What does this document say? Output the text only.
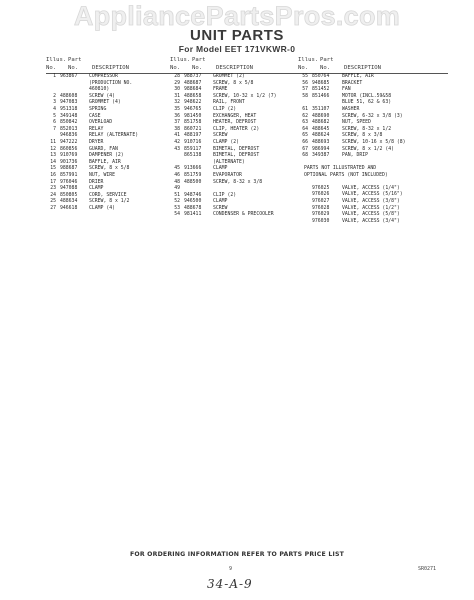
AppliancePartsPros.com
UNIT PARTS
For Model EET 171VKWR-0
Illus. Part
No. No. DESCRIPTION
1 963867 COMPRESSOR
(PRODUCTION NO.
460810)
2 488608 SCREW (4)
3 947083 GROMMET (4)
4 951318 SPRING
5 349148 CASE
6 850842 OVERLOAD
7 852013 RELAY
946836 RELAY (ALTERNATE)
11 947222 DRYER
12 860856 GUARD, FAN
13 910769 DAMPENER (2)
14 901736 BAFFLE, AIR
15 988687 SCREW, 8 x 5/8
16 857991 NUT, WIRE
17 976046 DRIER
23 947088 CLAMP
24 850805 CORD, SERVICE
25 488634 SCREW, 8 x 1/2
27 946618 CLAMP (4)
Illus. Part
No. No. DESCRIPTION
28 988737 GROMMET (2)
29 488687 SCREW, 8 x 5/8
30 988684 FRAME
31 488658 SCREW, 10-32 x 1/2 (7)
32 948622 RAIL, FRONT
35 946765 CLIP (2)
36 981450 EXCHANGER, HEAT
37 851758 HEATER, DEFROST
38 860721 CLIP, HEATER (2)
41 488197 SCREW
42 910716 CLAMP (2)
43 859117 BIMETAL, DEFROST
865138 BIMETAL, DEFROST
(ALTERNATE)
45 913666 CLAMP
46 851759 EVAPORATOR
48 488500 SCREW, 8-32 x 3/8
49
51 948746 CLIP (2)
52 946500 CLAMP
53 488678 SCREW
54 981411 CONDENSER & PRECOOLER
Illus. Part
No. No. DESCRIPTION
55 850764	BAFFLE, AIR
56 948685	BRACKET
57 851452	FAN
58 851466	MOTOR (INCL.59&58
BLUE 51, 62 & 63)
61 351107	WASHER
62 488690	SCREW, 6-32 x 3/8 (3)
63 488682	NUT, SPEED
64 488645	SCREW, 8-32 x 1/2
65 488624	SCREW, 8 x 3/8
66 488693	SCREW, 10-16 x 5/8 (8)
67 986994	SCREW, 8 x 1/2 (4)
68 349387	PAN, DRIP
PARTS NOT ILLUSTRATED AND
OPTIONAL PARTS (NOT INCLUDED)
976025	VALVE, ACCESS (1/4")
976026	VALVE, ACCESS (5/16")
976027	VALVE, ACCESS (3/8")
976028	VALVE, ACCESS (1/2")
976029	VALVE, ACCESS (5/8")
976030	VALVE, ACCESS (3/4")
FOR ORDERING INFORMATION REFER TO PARTS PRICE LIST
9	SR0271
34-A-9
